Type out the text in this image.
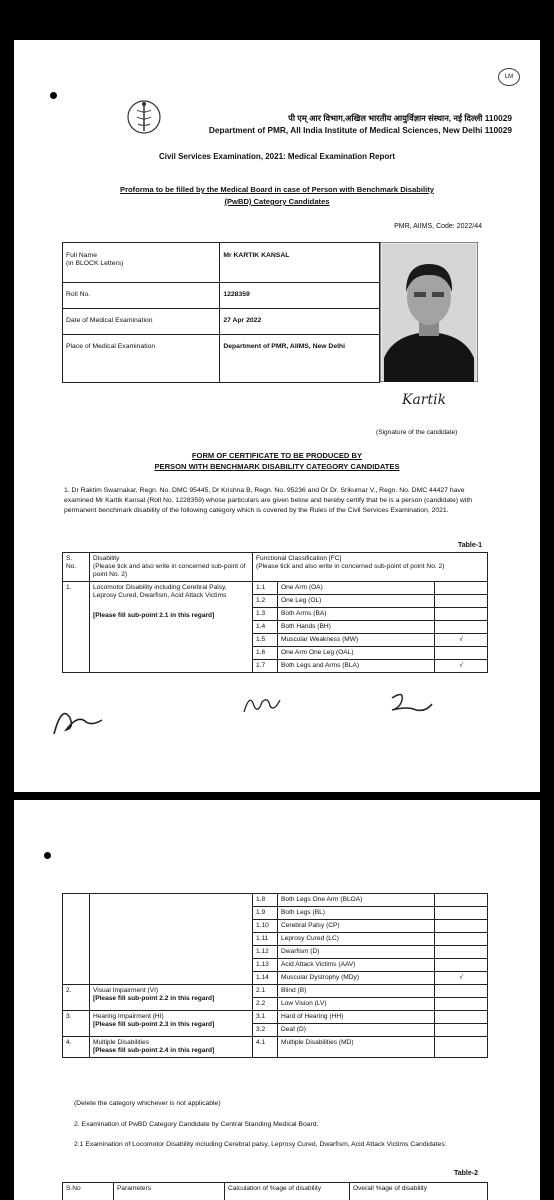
LM
पी एम् आर विभाग,अखिल भारतीय आयुर्विज्ञान संस्थान, नई दिल्ली 110029
Department of PMR, All India Institute of Medical Sciences, New Delhi 110029
Civil Services Examination, 2021: Medical Examination Report
Proforma to be filled by the Medical Board in case of Person with Benchmark Disability
(PwBD) Category Candidates
PMR, AIIMS, Code: 2022/44
Full Name
(in BLOCK Letters)	Mr KARTIK KANSAL
Roll No.	1228359
Date of Medical Examination	27 Apr 2022
Place of Medical Examination	Department of PMR, AIIMS, New Delhi
Kartik
(Signature of the candidate)
FORM OF CERTIFICATE TO BE PRODUCED BY
PERSON WITH BENCHMARK DISABILITY CATEGORY CANDIDATES
1. Dr Raktim Swarnakar, Regn. No. DMC 95445, Dr Krishna B, Regn. No. 95236 and Dr Dr. Srikumar V., Regn. No. DMC 44427 have examined Mr Kartik Kansal (Roll No. 1228359) whose particulars are given below and hereby certify that he is a person (candidate) with permanent benchmark disability of the following category which is covered by the Rules of the Civil Services Examination, 2021.
Table-1
S.
No.	Disability
(Please tick and also write in concerned sub-point of point No. 2)	Functional Classification [FC]
(Please tick and also write in concerned sub-point of point No. 2)		
1.	Locomotor Disability including Cerebral Palsy, Leprosy Cured, Dwarfism, Acid Attack Victims
[Please fill sub-point 2.1 in this regard]	1.1	One Arm (OA)	
		1.2	One Leg (OL)	
		1.3	Both Arms (BA)	
		1.4	Both Hands (BH)	
		1.5	Muscular Weakness (MW)	√
		1.6	One Arm One Leg (OAL)	
		1.7	Both Legs and Arms (BLA)	√
		1.8	Both Legs One Arm (BLOA)	
		1.9	Both Legs (BL)	
		1.10	Cerebral Palsy (CP)	
		1.11	Leprosy Cured (LC)	
		1.12	Dwarfism (D)	
		1.13	Acid Attack Victims (AAV)	
		1.14	Muscular Dystrophy (MDy)	√
2.	Visual Impairment (VI)
[Please fill sub-point 2.2 in this regard]	2.1	Blind (B)	
		2.2	Low Vision (LV)	
3.	Hearing Impairment (HI)
[Please fill sub-point 2.3 in this regard]	3.1	Hard of Hearing (HH)	
		3.2	Deaf (D)	
4.	Multiple Disabilities
[Please fill sub-point 2.4 in this regard]	4.1	Multiple Disabilities (MD)	
(Delete the category whichever is not applicable)
2. Examination of PwBD Category Candidate by Central Standing Medical Board.
2.1 Examination of Locomotor Disability including Cerebral palsy, Leprosy Cured, Dwarfism, Acid Attack Victims Candidates:
Table-2
S.No	Parameters	Calculation of %age of disability	Overall %age of disability
